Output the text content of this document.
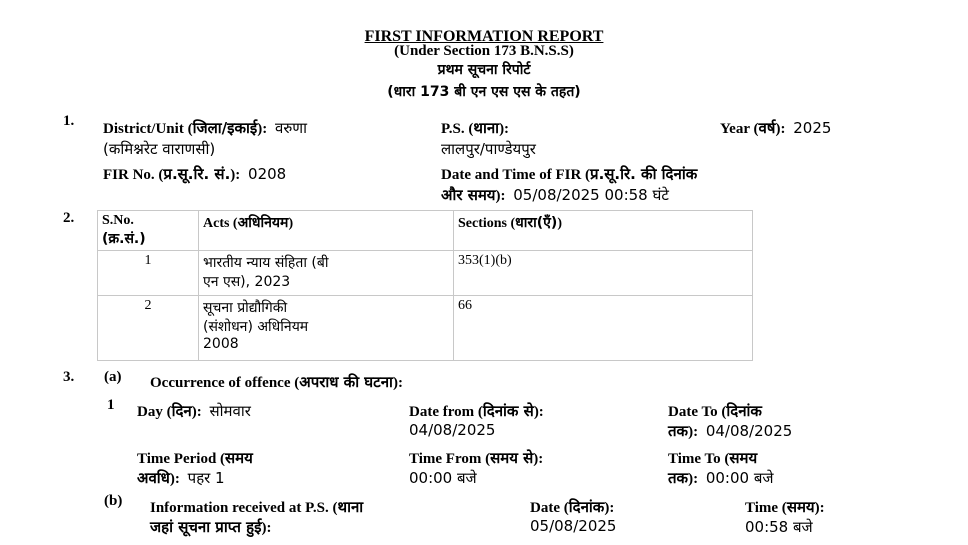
FIRST INFORMATION REPORT
(Under Section 173 B.N.S.S)
प्रथम सूचना रिपोर्ट
(धारा 173 बी एन एस एस के तहत)
1. District/Unit (जिला/इकाई): वरुणा
(कमिश्नरेट वाराणसी)
P.S. (थाना):
लालपुर/पाण्डेयपुर
Year (वर्ष): 2025
FIR No. (प्र.सू.रि. सं.): 0208	Date and Time of FIR (प्र.सू.रि. की दिनांक
और समय): 05/08/2025 00:58 घंटे
2. S.No.
(क्र.सं.)	Acts (अधिनियम)	Sections (धारा(एँ))
1	भारतीय न्याय संहिता (बी
एन एस), 2023	353(1)(b)
2	सूचना प्रोद्यौगिकी
(संशोधन) अधिनियम
2008	66
3. (a) Occurrence of offence (अपराध की घटना):
1 Day (दिन): सोमवार	Date from (दिनांक से):
04/08/2025
Date To (दिनांक
तक): 04/08/2025
Time Period (समय
अवधि): पहर 1
Time From (समय से):
00:00 बजे
Time To (समय
तक): 00:00 बजे
(b) Information received at P.S. (थाना
जहां सूचना प्राप्त हुई):
Date (दिनांक):
05/08/2025
Time (समय):
00:58 बजे
